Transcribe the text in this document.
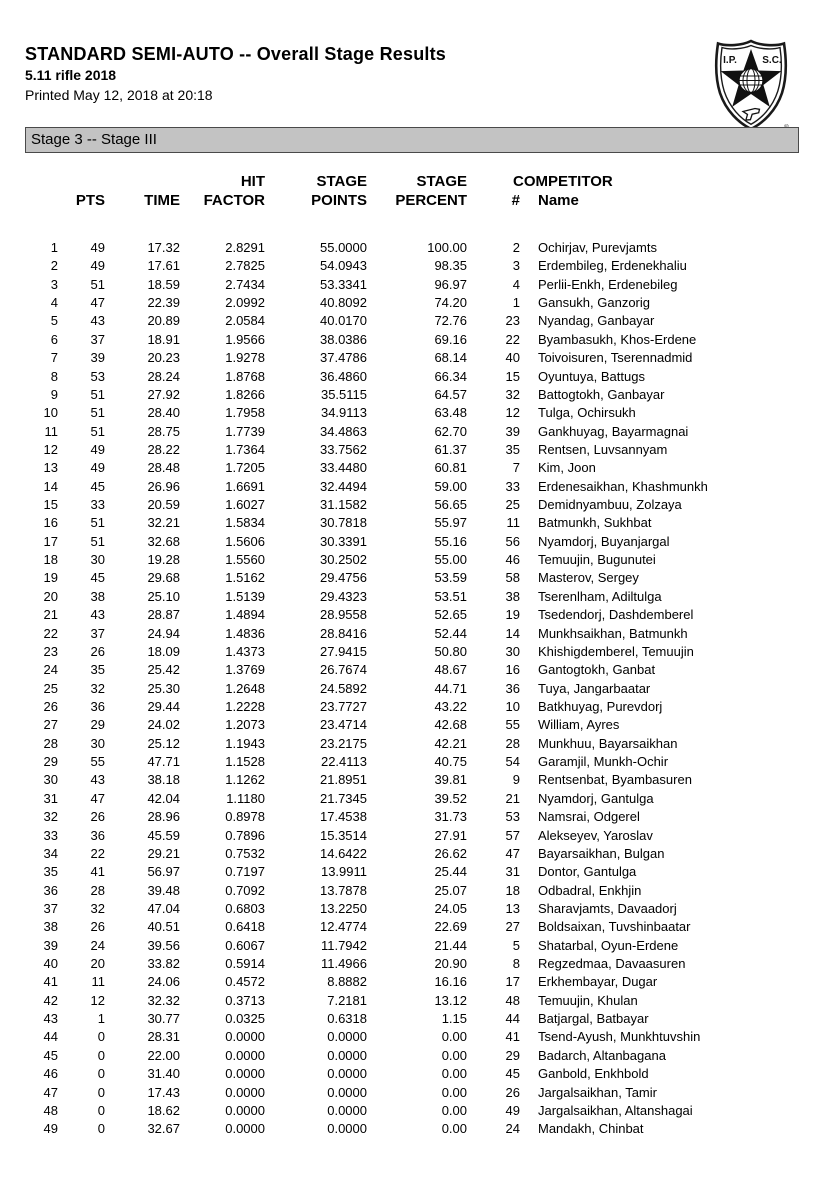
STANDARD SEMI-AUTO -- Overall Stage Results
5.11 rifle 2018
Printed May 12, 2018 at 20:18
I.P.	S.C.
Stage 3 -- Stage III
			HIT	STAGE	STAGE	COMPETITOR	
	PTS	TIME	FACTOR	POINTS	PERCENT	#	Name
1	49	17.32	2.8291	55.0000	100.00	2	Ochirjav, Purevjamts
2	49	17.61	2.7825	54.0943	98.35	3	Erdembileg, Erdenekhaliu
3	51	18.59	2.7434	53.3341	96.97	4	Perlii-Enkh, Erdenebileg
4	47	22.39	2.0992	40.8092	74.20	1	Gansukh, Ganzorig
5	43	20.89	2.0584	40.0170	72.76	23	Nyandag, Ganbayar
6	37	18.91	1.9566	38.0386	69.16	22	Byambasukh, Khos-Erdene
7	39	20.23	1.9278	37.4786	68.14	40	Toivoisuren, Tserennadmid
8	53	28.24	1.8768	36.4860	66.34	15	Oyuntuya, Battugs
9	51	27.92	1.8266	35.5115	64.57	32	Battogtokh, Ganbayar
10	51	28.40	1.7958	34.9113	63.48	12	Tulga, Ochirsukh
11	51	28.75	1.7739	34.4863	62.70	39	Gankhuyag, Bayarmagnai
12	49	28.22	1.7364	33.7562	61.37	35	Rentsen, Luvsannyam
13	49	28.48	1.7205	33.4480	60.81	7	Kim, Joon
14	45	26.96	1.6691	32.4494	59.00	33	Erdenesaikhan, Khashmunkh
15	33	20.59	1.6027	31.1582	56.65	25	Demidnyambuu, Zolzaya
16	51	32.21	1.5834	30.7818	55.97	11	Batmunkh, Sukhbat
17	51	32.68	1.5606	30.3391	55.16	56	Nyamdorj, Buyanjargal
18	30	19.28	1.5560	30.2502	55.00	46	Temuujin, Bugunutei
19	45	29.68	1.5162	29.4756	53.59	58	Masterov, Sergey
20	38	25.10	1.5139	29.4323	53.51	38	Tserenlham, Adiltulga
21	43	28.87	1.4894	28.9558	52.65	19	Tsedendorj, Dashdemberel
22	37	24.94	1.4836	28.8416	52.44	14	Munkhsaikhan, Batmunkh
23	26	18.09	1.4373	27.9415	50.80	30	Khishigdemberel, Temuujin
24	35	25.42	1.3769	26.7674	48.67	16	Gantogtokh, Ganbat
25	32	25.30	1.2648	24.5892	44.71	36	Tuya, Jangarbaatar
26	36	29.44	1.2228	23.7727	43.22	10	Batkhuyag, Purevdorj
27	29	24.02	1.2073	23.4714	42.68	55	William, Ayres
28	30	25.12	1.1943	23.2175	42.21	28	Munkhuu, Bayarsaikhan
29	55	47.71	1.1528	22.4113	40.75	54	Garamjil, Munkh-Ochir
30	43	38.18	1.1262	21.8951	39.81	9	Rentsenbat, Byambasuren
31	47	42.04	1.1180	21.7345	39.52	21	Nyamdorj, Gantulga
32	26	28.96	0.8978	17.4538	31.73	53	Namsrai, Odgerel
33	36	45.59	0.7896	15.3514	27.91	57	Alekseyev, Yaroslav
34	22	29.21	0.7532	14.6422	26.62	47	Bayarsaikhan, Bulgan
35	41	56.97	0.7197	13.9911	25.44	31	Dontor, Gantulga
36	28	39.48	0.7092	13.7878	25.07	18	Odbadral, Enkhjin
37	32	47.04	0.6803	13.2250	24.05	13	Sharavjamts, Davaadorj
38	26	40.51	0.6418	12.4774	22.69	27	Boldsaixan, Tuvshinbaatar
39	24	39.56	0.6067	11.7942	21.44	5	Shatarbal, Oyun-Erdene
40	20	33.82	0.5914	11.4966	20.90	8	Regzedmaa, Davaasuren
41	11	24.06	0.4572	8.8882	16.16	17	Erkhembayar, Dugar
42	12	32.32	0.3713	7.2181	13.12	48	Temuujin, Khulan
43	1	30.77	0.0325	0.6318	1.15	44	Batjargal, Batbayar
44	0	28.31	0.0000	0.0000	0.00	41	Tsend-Ayush, Munkhtuvshin
45	0	22.00	0.0000	0.0000	0.00	29	Badarch, Altanbagana
46	0	31.40	0.0000	0.0000	0.00	45	Ganbold, Enkhbold
47	0	17.43	0.0000	0.0000	0.00	26	Jargalsaikhan, Tamir
48	0	18.62	0.0000	0.0000	0.00	49	Jargalsaikhan, Altanshagai
49	0	32.67	0.0000	0.0000	0.00	24	Mandakh, Chinbat
